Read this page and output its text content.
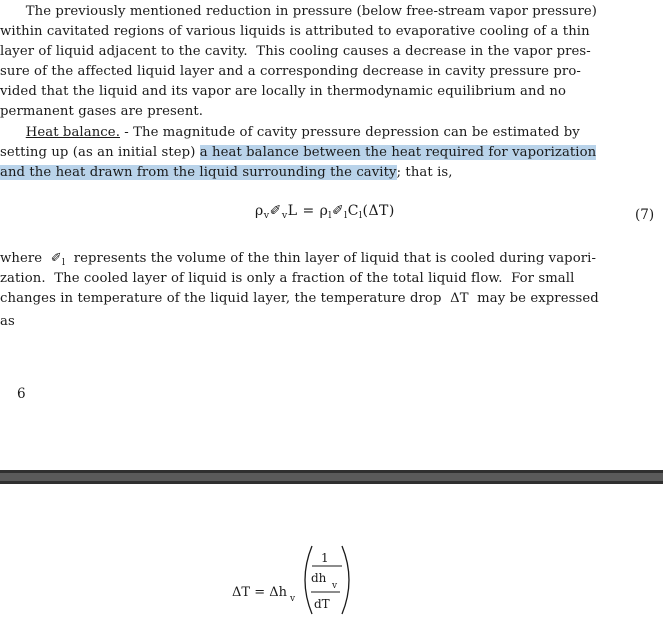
The previously mentioned reduction in pressure (below free-stream vapor pressure)
within cavitated regions of various liquids is attributed to evaporative cooling of a thin
layer of liquid adjacent to the cavity.  This cooling causes a decrease in the vapor pres-
sure of the affected liquid layer and a corresponding decrease in cavity pressure pro-
vided that the liquid and its vapor are locally in thermodynamic equilibrium and no
permanent gases are present.
Heat balance. - The magnitude of cavity pressure depression can be estimated by
setting up (as an initial step) a heat balance between the heat required for vaporization
and the heat drawn from the liquid surrounding the cavity; that is,
$\rho_v✐_vL$ = $\rho_l✐_lC_l(\Delta T)$	(7)
where $✐_l$ represents the volume of the thin layer of liquid that is cooled during vapori-
zation.  The cooled layer of liquid is only a fraction of the total liquid flow.  For small
changes in temperature of the liquid layer, the temperature drop  ΔT  may be expressed
as
6
ΔT = Δh v
1
dh
v
dT
